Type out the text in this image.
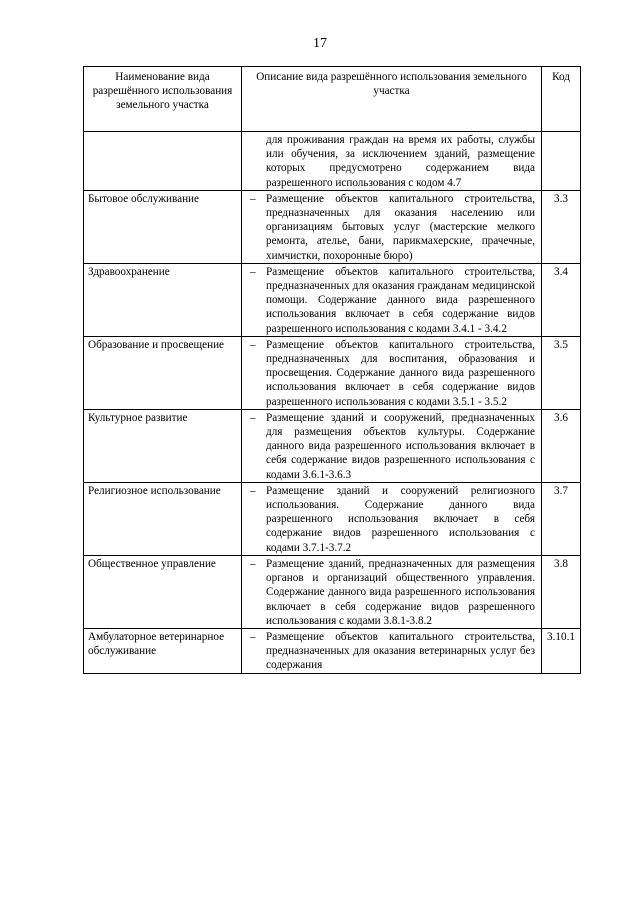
17
Наименование вида разрешённого использования земельного участка	Описание вида разрешённого использования земельного участка	Код

	для проживания граждан на время их работы, службы или обучения, за исключением зданий, размещение которых предусмотрено содержанием вида разрешенного использования с кодом 4.7	

Бытовое обслуживание	– Размещение объектов капитального строительства, предназначенных для оказания населению или организациям бытовых услуг (мастерские мелкого ремонта, ателье, бани, парикмахерские, прачечные, химчистки, похоронные бюро)	3.3
Здравоохранение	– Размещение объектов капитального строительства, предназначенных для оказания гражданам медицинской помощи. Содержание данного вида разрешенного использования включает в себя содержание видов разрешенного использования с кодами 3.4.1 - 3.4.2	3.4
Образование и просвещение	– Размещение объектов капитального строительства, предназначенных для воспитания, образования и просвещения. Содержание данного вида разрешенного использования включает в себя содержание видов разрешенного использования с кодами 3.5.1 - 3.5.2	3.5
Культурное развитие	– Размещение зданий и сооружений, предназначенных для размещения объектов культуры. Содержание данного вида разрешенного использования включает в себя содержание видов разрешенного использования с кодами 3.6.1-3.6.3	3.6
Религиозное использование	– Размещение зданий и сооружений религиозного использования. Содержание данного вида разрешенного использования включает в себя содержание видов разрешенного использования с кодами 3.7.1-3.7.2	3.7
Общественное управление	– Размещение зданий, предназначенных для размещения органов и организаций общественного управления. Содержание данного вида разрешенного использования включает в себя содержание видов разрешенного использования с кодами 3.8.1-3.8.2	3.8
Амбулаторное ветеринарное обслуживание	– Размещение объектов капитального строительства, предназначенных для оказания ветеринарных услуг без содержания	3.10.1
